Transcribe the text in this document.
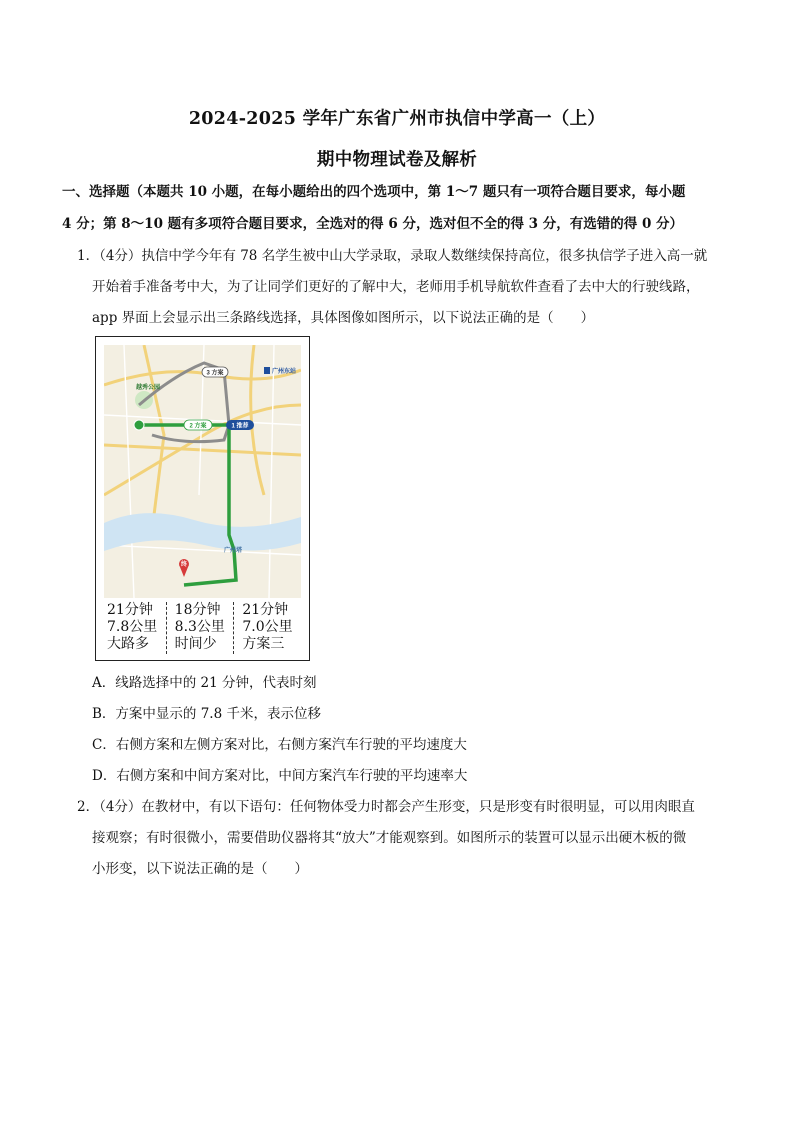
2024-2025 学年广东省广州市执信中学高一（上）
期中物理试卷及解析
一、选择题（本题共 10 小题，在每小题给出的四个选项中，第 1～7 题只有一项符合题目要求，每小题
4 分；第 8～10 题有多项符合题目要求，全选对的得 6 分，选对但不全的得 3 分，有选错的得 0 分）
1．（4分）执信中学今年有 78 名学生被中山大学录取，录取人数继续保持高位，很多执信学子进入高一就
开始着手准备考中大，为了让同学们更好的了解中大，老师用手机导航软件查看了去中大的行驶线路，
app 界面上会显示出三条路线选择，具体图像如图所示，以下说法正确的是（　　）
终
3 方案
2 方案	1 推荐
广州东站
越秀公园
广州塔
21分钟
7.8公里
大路多
18分钟
8.3公里
时间少
21分钟
7.0公里
方案三
A．线路选择中的 21 分钟，代表时刻
B．方案中显示的 7.8 千米，表示位移
C．右侧方案和左侧方案对比，右侧方案汽车行驶的平均速度大
D．右侧方案和中间方案对比，中间方案汽车行驶的平均速率大
2．（4分）在教材中，有以下语句：任何物体受力时都会产生形变，只是形变有时很明显，可以用肉眼直
接观察；有时很微小，需要借助仪器将其“放大”才能观察到。如图所示的装置可以显示出硬木板的微
小形变，以下说法正确的是（　　）
